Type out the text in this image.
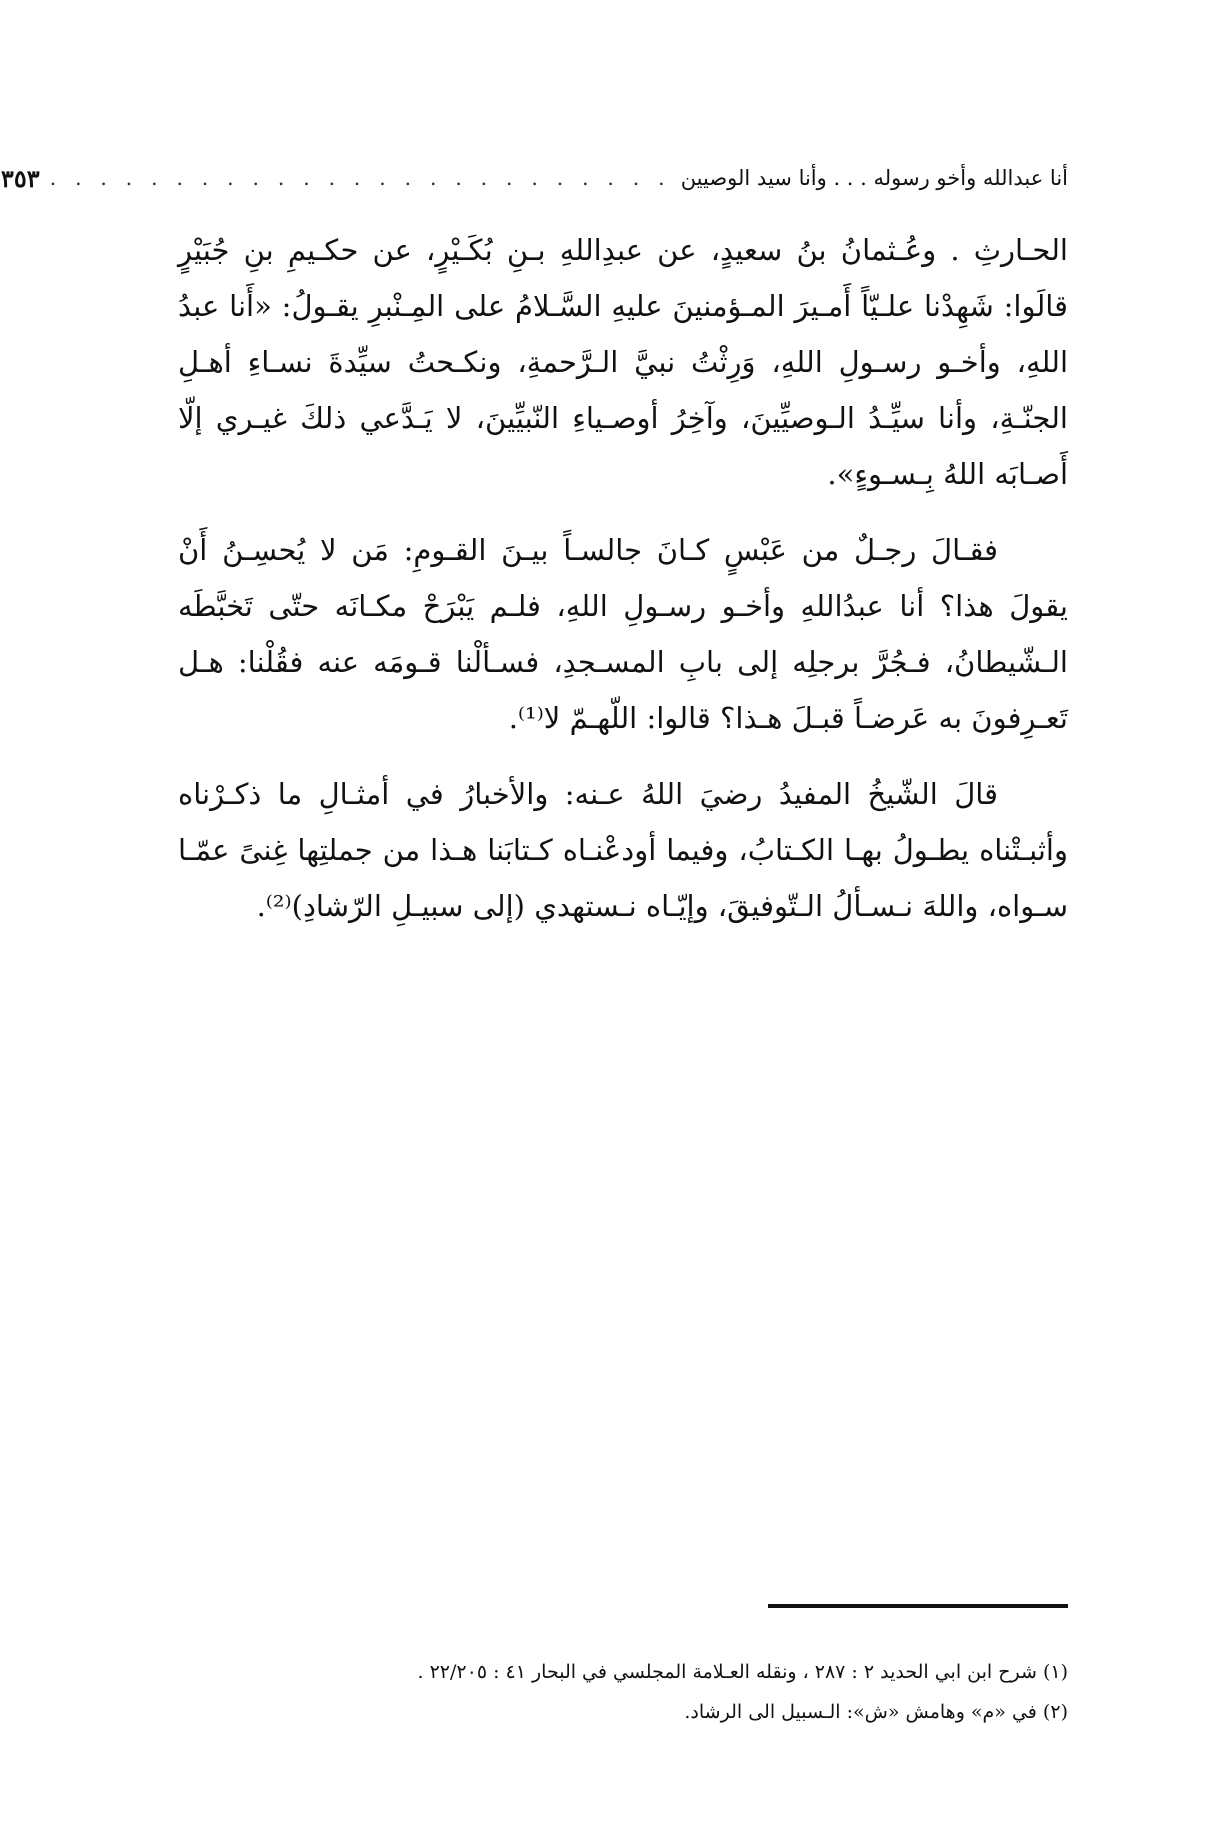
أنا عبدالله وأخو رسوله . . . وأنا سيد الوصيين
. . . . . . . . . . . . . . . . . . . . . . . . .
٣٥٣

الحـارثِ . وعُـثمانُ بنُ سعيدٍ، عن عبدِاللهِ بـنِ بُكَـيْرٍ، عن حكـيمِ بنِ جُبَيْرٍ قالَوا: شَهِدْنا علـيّاً أَمـيرَ المـؤمنينَ عليهِ السَّـلامُ على المِـنْبرِ يقـولُ: «أَنا عبدُ اللهِ، وأخـو رسـولِ اللهِ، وَرِثْتُ نبيَّ الـرَّحمةِ، ونكـحتُ سيِّدةَ نسـاءِ أهـلِ الجنّـةِ، وأنا سيِّـدُ الـوصيِّينَ، وآخِرُ أوصـياءِ النّبيِّينَ، لا يَـدَّعي ذلكَ غيـري إلّا أَصـابَه اللهُ بِـسـوءٍ».

فقـالَ رجـلٌ من عَبْسٍ كـانَ جالسـاً بيـنَ القـومِ: مَن لا يُحسِـنُ أَنْ يقولَ هذا؟ أنا عبدُاللهِ وأخـو رسـولِ اللهِ، فلـم يَبْرَحْ مكـانَه حتّى تَخبَّطَه الـشّيطانُ، فـجُرَّ برجلِه إلى بابِ المسـجدِ، فسـألْنا قـومَه عنه فقُلْنا: هـل تَعـرِفونَ به عَرضـاً قبـلَ هـذا؟ قالوا: اللّهـمّ لا⁽¹⁾.

قالَ الشّيخُ المفيدُ رضيَ اللهُ عـنه: والأخبارُ في أمثـالِ ما ذكـرْناه وأثبـتْناه يطـولُ بهـا الكـتابُ، وفيما أودعْنـاه كـتابَنا هـذا من جملتِها غِنىً عمّـا سـواه، واللهَ نـسـألُ الـتّوفيقَ، وإيّـاه نـستهدي (إلى سبيـلِ الرّشادِ)⁽²⁾.

(١) شرح ابن ابي الحديد ٢ : ٢٨٧ ، ونقله العـلامة المجلسي في البحار ٤١ : ٢٢/٢٠٥ .

(٢) في «م» وهامش «ش»: الـسبيل الى الرشاد.
